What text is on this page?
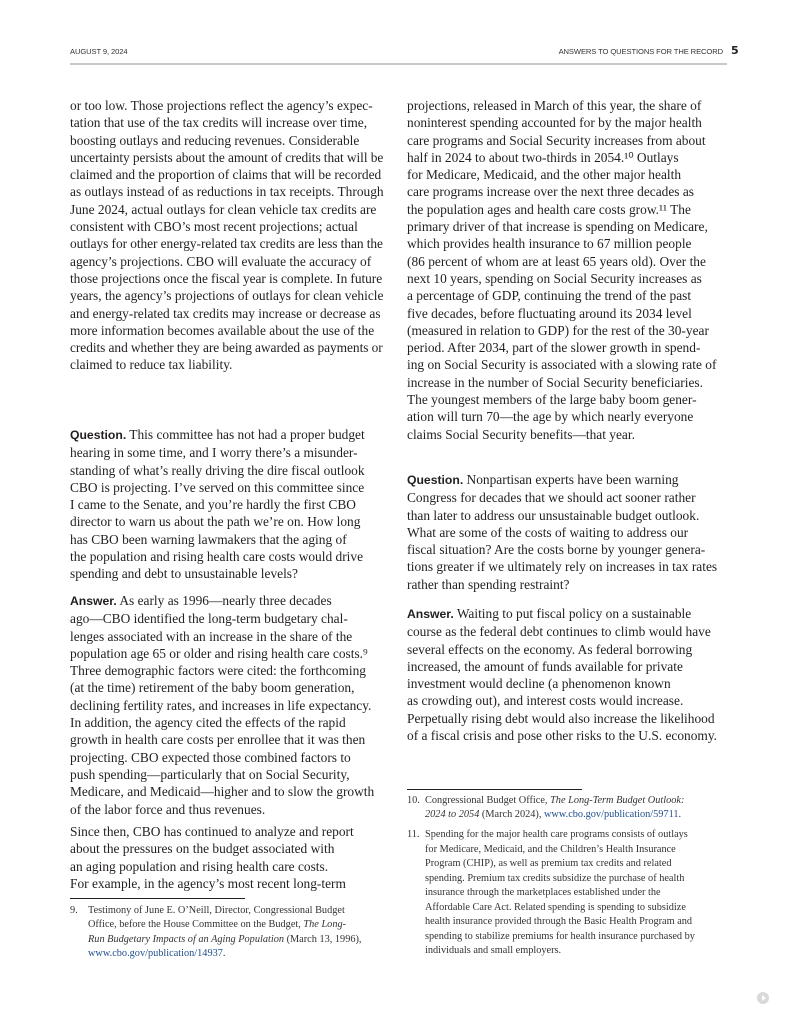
AUGUST 9, 2024	ANSWERS TO QUESTIONS FOR THE RECORD 5
or too low. Those projections reflect the agency’s expec-
tation that use of the tax credits will increase over time,
boosting outlays and reducing revenues. Considerable
uncertainty persists about the amount of credits that will be
claimed and the proportion of claims that will be recorded
as outlays instead of as reductions in tax receipts. Through
June 2024, actual outlays for clean vehicle tax credits are
consistent with CBO’s most recent projections; actual
outlays for other energy-related tax credits are less than the
agency’s projections. CBO will evaluate the accuracy of
those projections once the fiscal year is complete. In future
years, the agency’s projections of outlays for clean vehicle
and energy-related tax credits may increase or decrease as
more information becomes available about the use of the
credits and whether they are being awarded as payments or
claimed to reduce tax liability.
Question. This committee has not had a proper budget
hearing in some time, and I worry there’s a misunder-
standing of what’s really driving the dire fiscal outlook
CBO is projecting. I’ve served on this committee since
I came to the Senate, and you’re hardly the first CBO
director to warn us about the path we’re on. How long
has CBO been warning lawmakers that the aging of
the population and rising health care costs would drive
spending and debt to unsustainable levels?
Answer. As early as 1996—nearly three decades
ago—CBO identified the long-term budgetary chal-
lenges associated with an increase in the share of the
population age 65 or older and rising health care costs.⁹
Three demographic factors were cited: the forthcoming
(at the time) retirement of the baby boom generation,
declining fertility rates, and increases in life expectancy.
In addition, the agency cited the effects of the rapid
growth in health care costs per enrollee that it was then
projecting. CBO expected those combined factors to
push spending—particularly that on Social Security,
Medicare, and Medicaid—higher and to slow the growth
of the labor force and thus revenues.
Since then, CBO has continued to analyze and report
about the pressures on the budget associated with
an aging population and rising health care costs.
For example, in the agency’s most recent long-term
9. Testimony of June E. O’Neill, Director, Congressional Budget
Office, before the House Committee on the Budget, The Long-
Run Budgetary Impacts of an Aging Population (March 13, 1996),
www.cbo.gov/publication/14937.
projections, released in March of this year, the share of
noninterest spending accounted for by the major health
care programs and Social Security increases from about
half in 2024 to about two-thirds in 2054.¹⁰ Outlays
for Medicare, Medicaid, and the other major health
care programs increase over the next three decades as
the population ages and health care costs grow.¹¹ The
primary driver of that increase is spending on Medicare,
which provides health insurance to 67 million people
(86 percent of whom are at least 65 years old). Over the
next 10 years, spending on Social Security increases as
a percentage of GDP, continuing the trend of the past
five decades, before fluctuating around its 2034 level
(measured in relation to GDP) for the rest of the 30-year
period. After 2034, part of the slower growth in spend-
ing on Social Security is associated with a slowing rate of
increase in the number of Social Security beneficiaries.
The youngest members of the large baby boom gener-
ation will turn 70—the age by which nearly everyone
claims Social Security benefits—that year.
Question. Nonpartisan experts have been warning
Congress for decades that we should act sooner rather
than later to address our unsustainable budget outlook.
What are some of the costs of waiting to address our
fiscal situation? Are the costs borne by younger genera-
tions greater if we ultimately rely on increases in tax rates
rather than spending restraint?
Answer. Waiting to put fiscal policy on a sustainable
course as the federal debt continues to climb would have
several effects on the economy. As federal borrowing
increased, the amount of funds available for private
investment would decline (a phenomenon known
as crowding out), and interest costs would increase.
Perpetually rising debt would also increase the likelihood
of a fiscal crisis and pose other risks to the U.S. economy.
10. Congressional Budget Office, The Long-Term Budget Outlook:
2024 to 2054 (March 2024), www.cbo.gov/publication/59711.
11. Spending for the major health care programs consists of outlays
for Medicare, Medicaid, and the Children’s Health Insurance
Program (CHIP), as well as premium tax credits and related
spending. Premium tax credits subsidize the purchase of health
insurance through the marketplaces established under the
Affordable Care Act. Related spending is spending to subsidize
health insurance provided through the Basic Health Program and
spending to stabilize premiums for health insurance purchased by
individuals and small employers.
